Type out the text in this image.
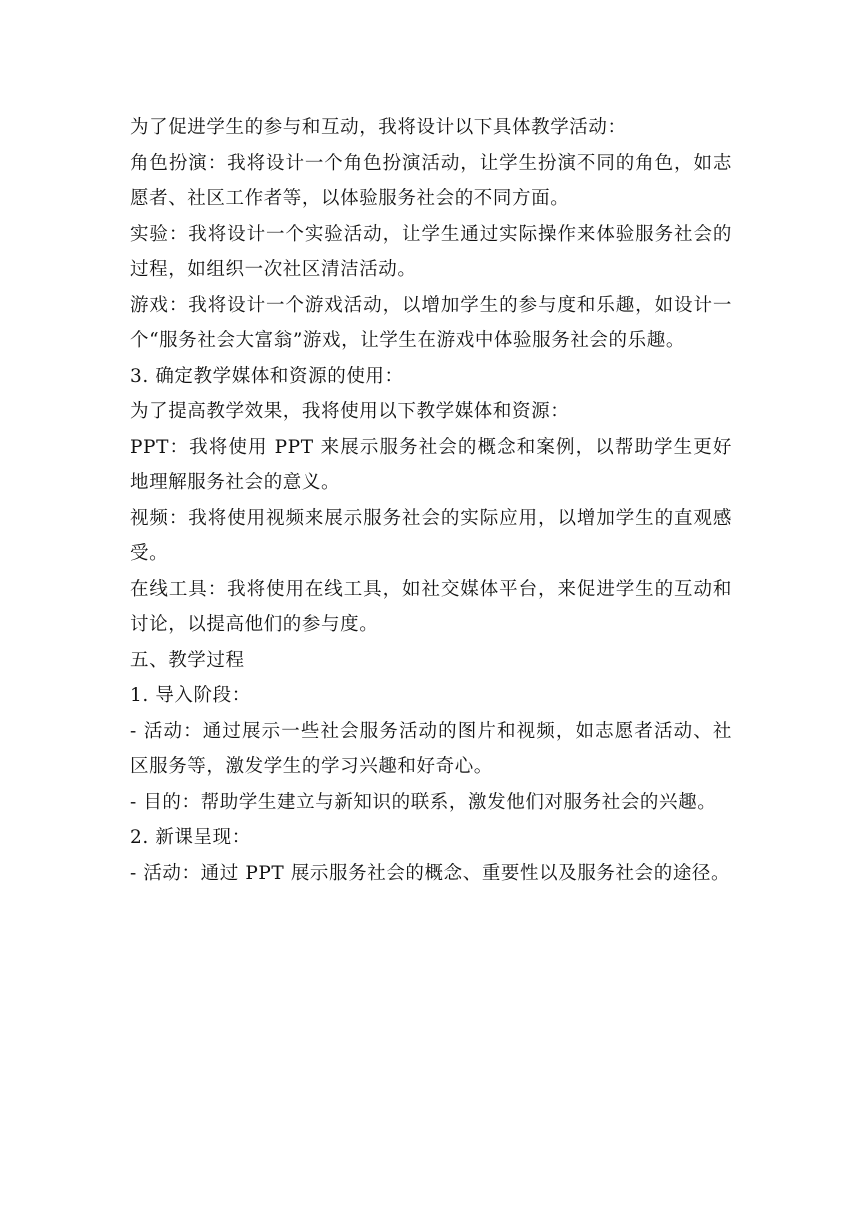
为了促进学生的参与和互动，我将设计以下具体教学活动：

角色扮演：我将设计一个角色扮演活动，让学生扮演不同的角色，如志愿者、社区工作者等，以体验服务社会的不同方面。

实验：我将设计一个实验活动，让学生通过实际操作来体验服务社会的过程，如组织一次社区清洁活动。

游戏：我将设计一个游戏活动，以增加学生的参与度和乐趣，如设计一个“服务社会大富翁”游戏，让学生在游戏中体验服务社会的乐趣。

3. 确定教学媒体和资源的使用：

为了提高教学效果，我将使用以下教学媒体和资源：

PPT：我将使用 PPT 来展示服务社会的概念和案例，以帮助学生更好地理解服务社会的意义。

视频：我将使用视频来展示服务社会的实际应用，以增加学生的直观感受。

在线工具：我将使用在线工具，如社交媒体平台，来促进学生的互动和讨论，以提高他们的参与度。

五、教学过程

1. 导入阶段：

- 活动：通过展示一些社会服务活动的图片和视频，如志愿者活动、社区服务等，激发学生的学习兴趣和好奇心。

- 目的：帮助学生建立与新知识的联系，激发他们对服务社会的兴趣。

2. 新课呈现：

- 活动：通过 PPT 展示服务社会的概念、重要性以及服务社会的途径。
